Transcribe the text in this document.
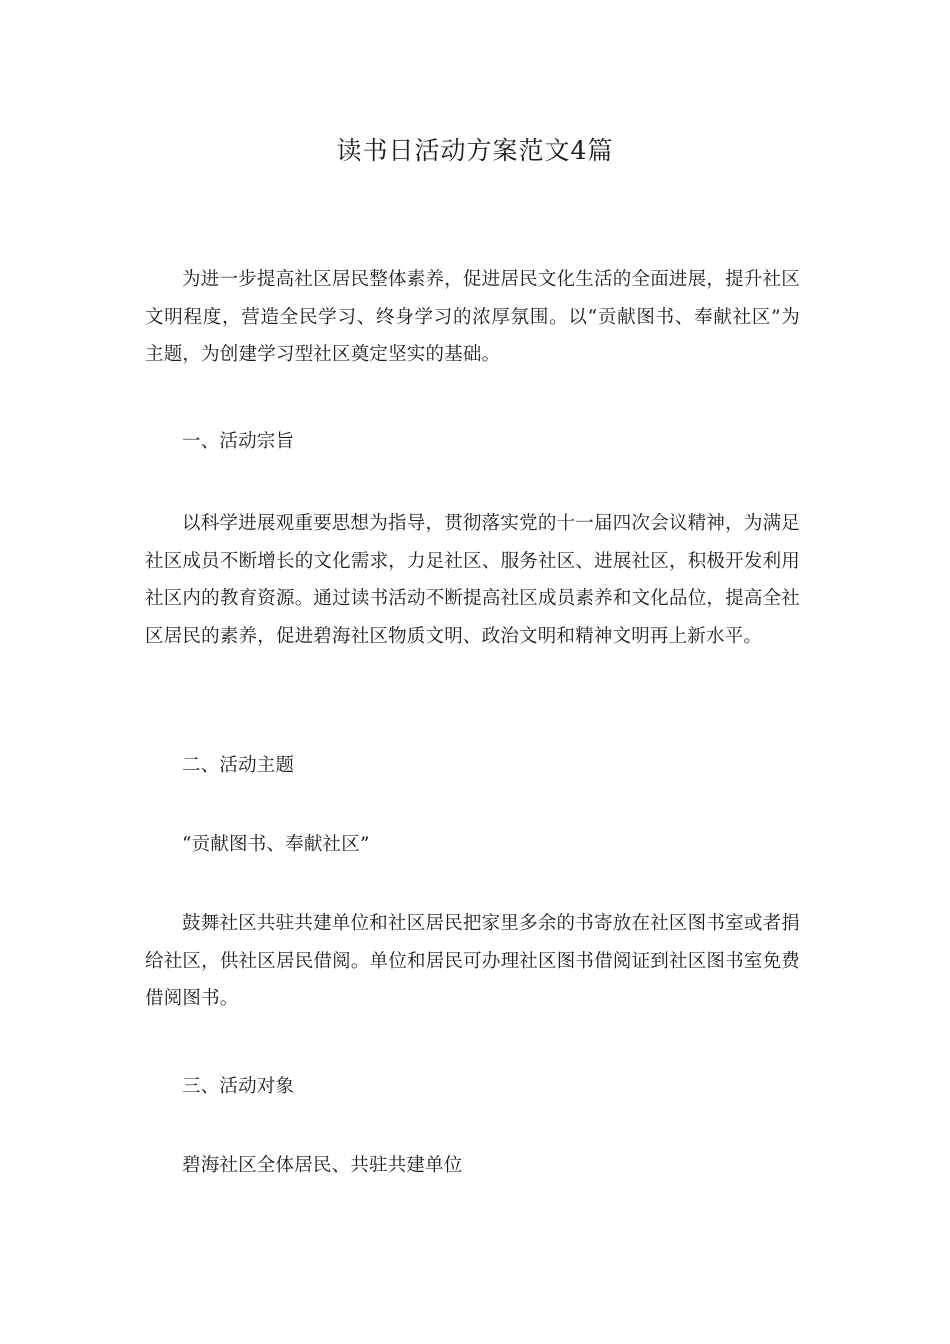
读书日活动方案范文4篇

为进一步提高社区居民整体素养，促进居民文化生活的全面进展，提升社区文明程度，营造全民学习、终身学习的浓厚氛围。以“贡献图书、奉献社区”为主题，为创建学习型社区奠定坚实的基础。

一、活动宗旨

以科学进展观重要思想为指导，贯彻落实党的十一届四次会议精神，为满足社区成员不断增长的文化需求，力足社区、服务社区、进展社区，积极开发利用社区内的教育资源。通过读书活动不断提高社区成员素养和文化品位，提高全社区居民的素养，促进碧海社区物质文明、政治文明和精神文明再上新水平。

二、活动主题

“贡献图书、奉献社区”

鼓舞社区共驻共建单位和社区居民把家里多余的书寄放在社区图书室或者捐给社区，供社区居民借阅。单位和居民可办理社区图书借阅证到社区图书室免费借阅图书。

三、活动对象

碧海社区全体居民、共驻共建单位
